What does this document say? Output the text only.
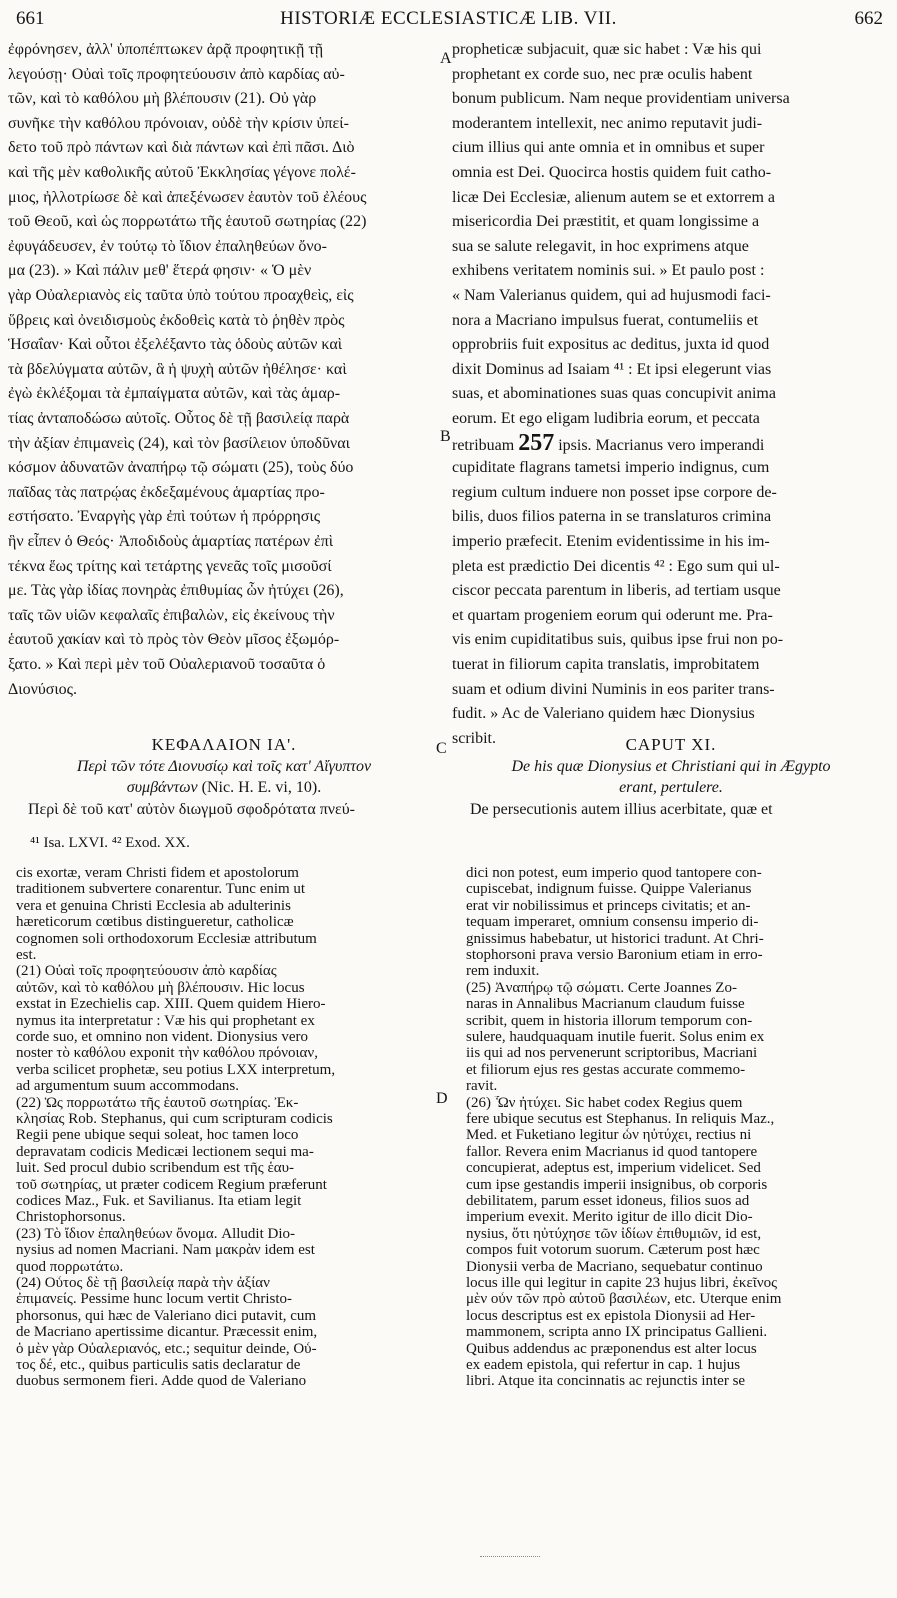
661	HISTORIÆ ECCLESIASTICÆ LIB. VII.	662
ἐφρόνησεν, ἀλλ' ὑποπέπτωκεν ἀρᾷ προφητικῇ τῇ
λεγούσῃ· Οὐαὶ τοῖς προφητεύουσιν ἀπὸ καρδίας αὐ-
τῶν, καὶ τὸ καθόλου μὴ βλέπουσιν (21). Οὐ γὰρ
συνῆκε τὴν καθόλου πρόνοιαν, οὐδὲ τὴν κρίσιν ὑπεί-
δετο τοῦ πρὸ πάντων καὶ διὰ πάντων καὶ ἐπὶ πᾶσι. Διὸ
καὶ τῆς μὲν καθολικῆς αὐτοῦ Ἐκκλησίας γέγονε πολέ-
μιος, ἠλλοτρίωσε δὲ καὶ ἀπεξένωσεν ἑαυτὸν τοῦ ἐλέους
τοῦ Θεοῦ, καὶ ὡς πορρωτάτω τῆς ἑαυτοῦ σωτηρίας (22)
ἐφυγάδευσεν, ἐν τούτῳ τὸ ἴδιον ἐπαληθεύων ὄνο-
μα (23). » Καὶ πάλιν μεθ' ἕτερά φησιν· « Ὁ μὲν
γὰρ Οὐαλεριανὸς εἰς ταῦτα ὑπὸ τούτου προαχθεὶς, εἰς
ὕβρεις καὶ ὀνειδισμοὺς ἐκδοθεὶς κατὰ τὸ ῥηθὲν πρὸς
Ἡσαΐαν· Καὶ οὗτοι ἐξελέξαντο τὰς ὁδοὺς αὐτῶν καὶ
τὰ βδελύγματα αὐτῶν, ἃ ἡ ψυχὴ αὐτῶν ἠθέλησε· καὶ
ἐγὼ ἐκλέξομαι τὰ ἐμπαίγματα αὐτῶν, καὶ τὰς ἁμαρ-
τίας ἀνταποδώσω αὐτοῖς. Οὗτος δὲ τῇ βασιλείᾳ παρὰ
τὴν ἀξίαν ἐπιμανεὶς (24), καὶ τὸν βασίλειον ὑποδῦναι
κόσμον ἀδυνατῶν ἀναπήρῳ τῷ σώματι (25), τοὺς δύο
παῖδας τὰς πατρῴας ἐκδεξαμένους ἁμαρτίας προ-
εστήσατο. Ἐναργὴς γὰρ ἐπὶ τούτων ἡ πρόρρησις
ἣν εἶπεν ὁ Θεός· Ἀποδιδοὺς ἁμαρτίας πατέρων ἐπὶ
τέκνα ἕως τρίτης καὶ τετάρτης γενεᾶς τοῖς μισοῦσί
με. Τὰς γὰρ ἰδίας πονηρὰς ἐπιθυμίας ὧν ἠτύχει (26),
ταῖς τῶν υἱῶν κεφαλαῖς ἐπιβαλὼν, εἰς ἐκείνους τὴν
ἑαυτοῦ χακίαν καὶ τὸ πρὸς τὸν Θεὸν μῖσος ἐξωμόρ-
ξατο. » Καὶ περὶ μὲν τοῦ Οὐαλεριανοῦ τοσαῦτα ὁ
Διονύσιος.
propheticæ subjacuit, quæ sic habet : Væ his qui
prophetant ex corde suo, nec præ oculis habent
bonum publicum. Nam neque providentiam universa
moderantem intellexit, nec animo reputavit judi-
cium illius qui ante omnia et in omnibus et super
omnia est Dei. Quocirca hostis quidem fuit catho-
licæ Dei Ecclesiæ, alienum autem se et extorrem a
misericordia Dei præstitit, et quam longissime a
sua se salute relegavit, in hoc exprimens atque
exhibens veritatem nominis sui. » Et paulo post :
« Nam Valerianus quidem, qui ad hujusmodi faci-
nora a Macriano impulsus fuerat, contumeliis et
opprobriis fuit expositus ac deditus, juxta id quod
dixit Dominus ad Isaiam ⁴¹ : Et ipsi elegerunt vias
suas, et abominationes suas quas concupivit anima
eorum. Et ego eligam ludibria eorum, et peccata
retribuam 257 ipsis. Macrianus vero imperandi
cupiditate flagrans tametsi imperio indignus, cum
regium cultum induere non posset ipse corpore de-
bilis, duos filios paterna in se translaturos crimina
imperio præfecit. Etenim evidentissime in his im-
pleta est prædictio Dei dicentis ⁴² : Ego sum qui ul-
ciscor peccata parentum in liberis, ad tertiam usque
et quartam progeniem eorum qui oderunt me. Pra-
vis enim cupiditatibus suis, quibus ipse frui non po-
tuerat in filiorum capita translatis, improbitatem
suam et odium divini Numinis in eos pariter trans-
fudit. » Ac de Valeriano quidem hæc Dionysius
scribit.
A
B
C
D
ΚΕΦΑΛΑΙΟΝ ΙΑ'.
Περὶ τῶν τότε Διονυσίῳ καὶ τοῖς κατ' Αἴγυπτον
συμβάντων (Nic. H. E. vi, 10).
Περὶ δὲ τοῦ κατ' αὐτὸν διωγμοῦ σφοδρότατα πνεύ-
CAPUT XI.
De his quæ Dionysius et Christiani qui in Ægypto
erant, pertulere.
De persecutionis autem illius acerbitate, quæ et
⁴¹ Isa. LXVI. ⁴² Exod. XX.
cis exortæ, veram Christi fidem et apostolorum
traditionem subvertere conarentur. Tunc enim ut
vera et genuina Christi Ecclesia ab adulterinis
hæreticorum cœtibus distingueretur, catholicæ
cognomen soli orthodoxorum Ecclesiæ attributum
est.
(21) Οὐαὶ τοῖς προφητεύουσιν ἀπὸ καρδίας
αὐτῶν, καὶ τὸ καθόλου μὴ βλέπουσιν. Hic locus
exstat in Ezechielis cap. XIII. Quem quidem Hiero-
nymus ita interpretatur : Væ his qui prophetant ex
corde suo, et omnino non vident. Dionysius vero
noster τὸ καθόλου exponit τὴν καθόλου πρόνοιαν,
verba scilicet prophetæ, seu potius LXX interpretum,
ad argumentum suum accommodans.
(22) Ὡς πορρωτάτω τῆς ἑαυτοῦ σωτηρίας. Ἐκ-
κλησίας Rob. Stephanus, qui cum scripturam codicis
Regii pene ubique sequi soleat, hoc tamen loco
depravatam codicis Medicæi lectionem sequi ma-
luit. Sed procul dubio scribendum est τῆς ἑαυ-
τοῦ σωτηρίας, ut præter codicem Regium præferunt
codices Maz., Fuk. et Savilianus. Ita etiam legit
Christophorsonus.
(23) Τὸ ἴδιον ἐπαληθεύων ὄνομα. Alludit Dio-
nysius ad nomen Macriani. Nam μακρὰν idem est
quod πορρωτάτω.
(24) Οὗτος δὲ τῇ βασιλείᾳ παρὰ τὴν ἀξίαν
ἐπιμανείς. Pessime hunc locum vertit Christo-
phorsonus, qui hæc de Valeriano dici putavit, cum
de Macriano apertissime dicantur. Præcessit enim,
ὁ μὲν γὰρ Οὐαλεριανός, etc.; sequitur deinde, Οὗ-
τος δέ, etc., quibus particulis satis declaratur de
duobus sermonem fieri. Adde quod de Valeriano
dici non potest, eum imperio quod tantopere con-
cupiscebat, indignum fuisse. Quippe Valerianus
erat vir nobilissimus et princeps civitatis; et an-
tequam imperaret, omnium consensu imperio di-
gnissimus habebatur, ut historici tradunt. At Chri-
stophorsoni prava versio Baronium etiam in erro-
rem induxit.
(25) Ἀναπήρῳ τῷ σώματι. Certe Joannes Zo-
naras in Annalibus Macrianum claudum fuisse
scribit, quem in historia illorum temporum con-
sulere, haudquaquam inutile fuerit. Solus enim ex
iis qui ad nos pervenerunt scriptoribus, Macriani
et filiorum ejus res gestas accurate commemo-
ravit.
(26) Ὧν ἠτύχει. Sic habet codex Regius quem
fere ubique secutus est Stephanus. In reliquis Maz.,
Med. et Fuketiano legitur ὧν ηὐτύχει, rectius ni
fallor. Revera enim Macrianus id quod tantopere
concupierat, adeptus est, imperium videlicet. Sed
cum ipse gestandis imperii insignibus, ob corporis
debilitatem, parum esset idoneus, filios suos ad
imperium evexit. Merito igitur de illo dicit Dio-
nysius, ὅτι ηὐτύχησε τῶν ἰδίων ἐπιθυμιῶν, id est,
compos fuit votorum suorum. Cæterum post hæc
Dionysii verba de Macriano, sequebatur continuo
locus ille qui legitur in capite 23 hujus libri, ἐκεῖνος
μὲν οὖν τῶν πρὸ αὐτοῦ βασιλέων, etc. Uterque enim
locus descriptus est ex epistola Dionysii ad Her-
mammonem, scripta anno IX principatus Gallieni.
Quibus addendus ac præponendus est alter locus
ex eadem epistola, qui refertur in cap. 1 hujus
libri. Atque ita concinnatis ac rejunctis inter se
